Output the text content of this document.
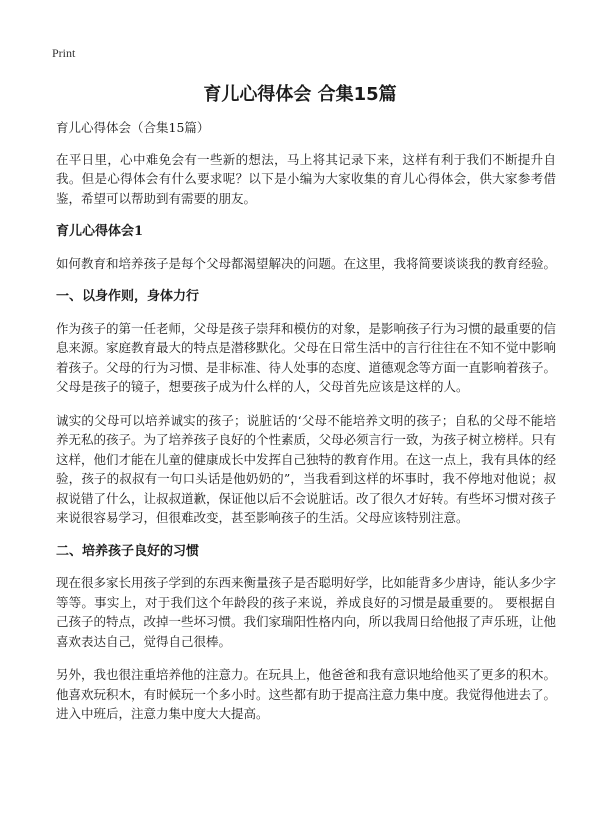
Print
育儿心得体会 合集15篇

育儿心得体会（合集15篇）

在平日里，心中难免会有一些新的想法，马上将其记录下来，这样有利于我们不断提升自我。但是心得体会有什么要求呢？以下是小编为大家收集的育儿心得体会，供大家参考借鉴，希望可以帮助到有需要的朋友。

育儿心得体会1

如何教育和培养孩子是每个父母都渴望解决的问题。在这里，我将简要谈谈我的教育经验。

一、以身作则，身体力行

作为孩子的第一任老师，父母是孩子崇拜和模仿的对象，是影响孩子行为习惯的最重要的信息来源。家庭教育最大的特点是潜移默化。父母在日常生活中的言行往往在不知不觉中影响着孩子。父母的行为习惯、是非标准、待人处事的态度、道德观念等方面一直影响着孩子。父母是孩子的镜子，想要孩子成为什么样的人，父母首先应该是这样的人。

诚实的父母可以培养诚实的孩子；说脏话的‘父母不能培养文明的孩子；自私的父母不能培养无私的孩子。为了培养孩子良好的个性素质，父母必须言行一致，为孩子树立榜样。只有这样，他们才能在儿童的健康成长中发挥自己独特的教育作用。在这一点上，我有具体的经验，孩子的叔叔有一句口头话是他奶奶的”，当我看到这样的坏事时，我不停地对他说；叔叔说错了什么，让叔叔道歉，保证他以后不会说脏话。改了很久才好转。有些坏习惯对孩子来说很容易学习，但很难改变，甚至影响孩子的生活。父母应该特别注意。

二、培养孩子良好的习惯

现在很多家长用孩子学到的东西来衡量孩子是否聪明好学，比如能背多少唐诗，能认多少字等等。事实上，对于我们这个年龄段的孩子来说，养成良好的习惯是最重要的。 要根据自己孩子的特点，改掉一些坏习惯。我们家瑞阳性格内向，所以我周日给他报了声乐班，让他喜欢表达自己，觉得自己很棒。

另外，我也很注重培养他的注意力。在玩具上，他爸爸和我有意识地给他买了更多的积木。他喜欢玩积木，有时候玩一个多小时。这些都有助于提高注意力集中度。我觉得他进去了。 进入中班后，注意力集中度大大提高。
